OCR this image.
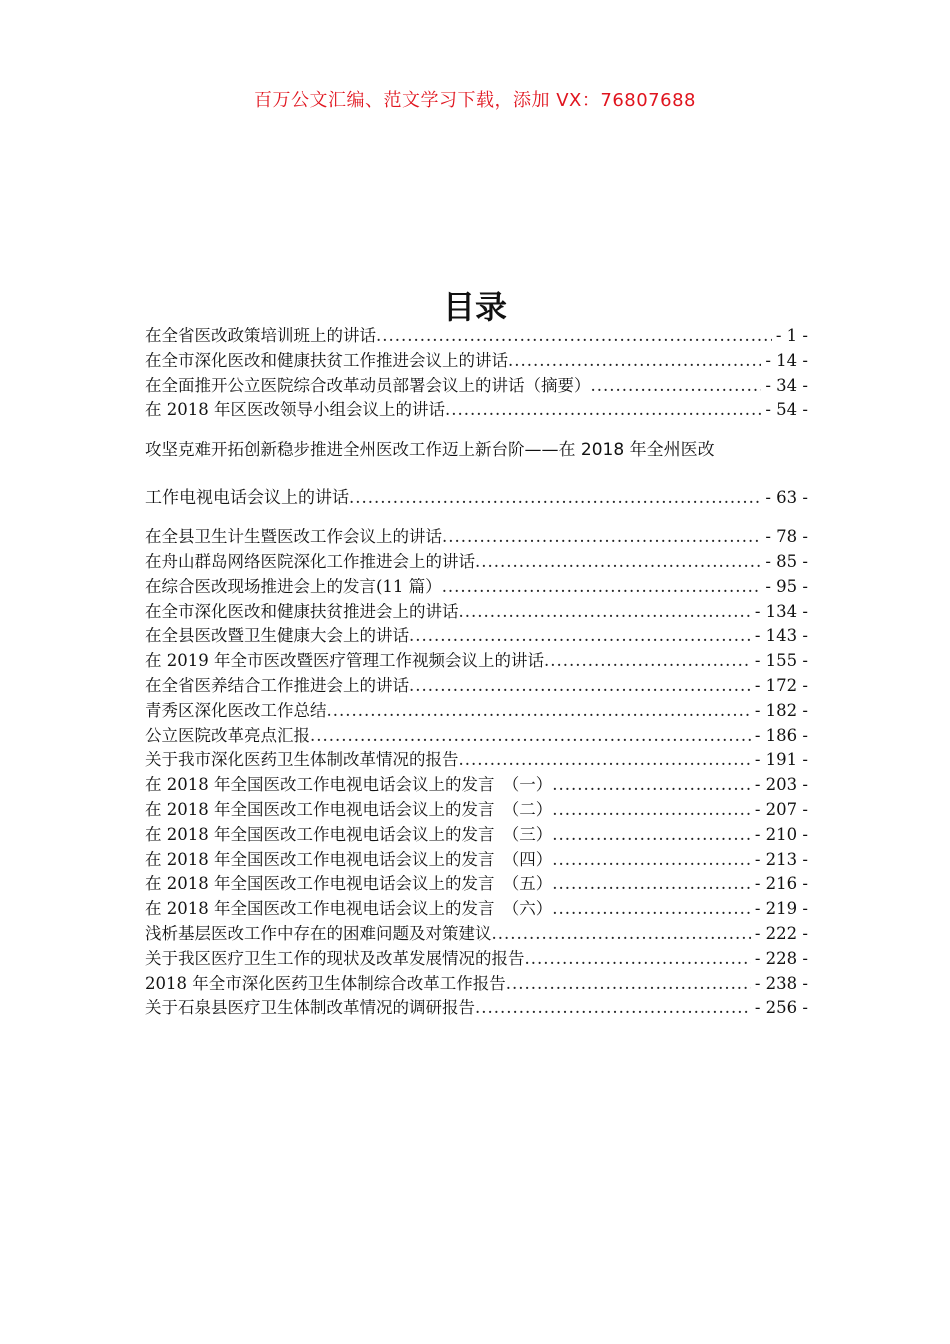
百万公文汇编、范文学习下载，添加 VX：76807688
目录
在全省医改政策培训班上的讲话 .....	- 1 -
在全市深化医改和健康扶贫工作推进会议上的讲话 .....	- 14 -
在全面推开公立医院综合改革动员部署会议上的讲话（摘要） .....	- 34 -
在 2018 年区医改领导小组会议上的讲话 .....	- 54 -
攻坚克难开拓创新稳步推进全州医改工作迈上新台阶——在 2018 年全州医改
工作电视电话会议上的讲话 .....	- 63 -
在全县卫生计生暨医改工作会议上的讲话 .....	- 78 -
在舟山群岛网络医院深化工作推进会上的讲话 .....	- 85 -
在综合医改现场推进会上的发言(11 篇） .....	- 95 -
在全市深化医改和健康扶贫推进会上的讲话 .....	- 134 -
在全县医改暨卫生健康大会上的讲话 .....	- 143 -
在 2019 年全市医改暨医疗管理工作视频会议上的讲话 .....	- 155 -
在全省医养结合工作推进会上的讲话 .....	- 172 -
青秀区深化医改工作总结 .....	- 182 -
公立医院改革亮点汇报 .....	- 186 -
关于我市深化医药卫生体制改革情况的报告 .....	- 191 -
在 2018 年全国医改工作电视电话会议上的发言　（一） .....	- 203 -
在 2018 年全国医改工作电视电话会议上的发言　（二） .....	- 207 -
在 2018 年全国医改工作电视电话会议上的发言　（三） .....	- 210 -
在 2018 年全国医改工作电视电话会议上的发言　（四） .....	- 213 -
在 2018 年全国医改工作电视电话会议上的发言　（五） .....	- 216 -
在 2018 年全国医改工作电视电话会议上的发言　（六） .....	- 219 -
浅析基层医改工作中存在的困难问题及对策建议 .....	- 222 -
关于我区医疗卫生工作的现状及改革发展情况的报告 .....	- 228 -
2018 年全市深化医药卫生体制综合改革工作报告 .....	- 238 -
关于石泉县医疗卫生体制改革情况的调研报告 .....	- 256 -
